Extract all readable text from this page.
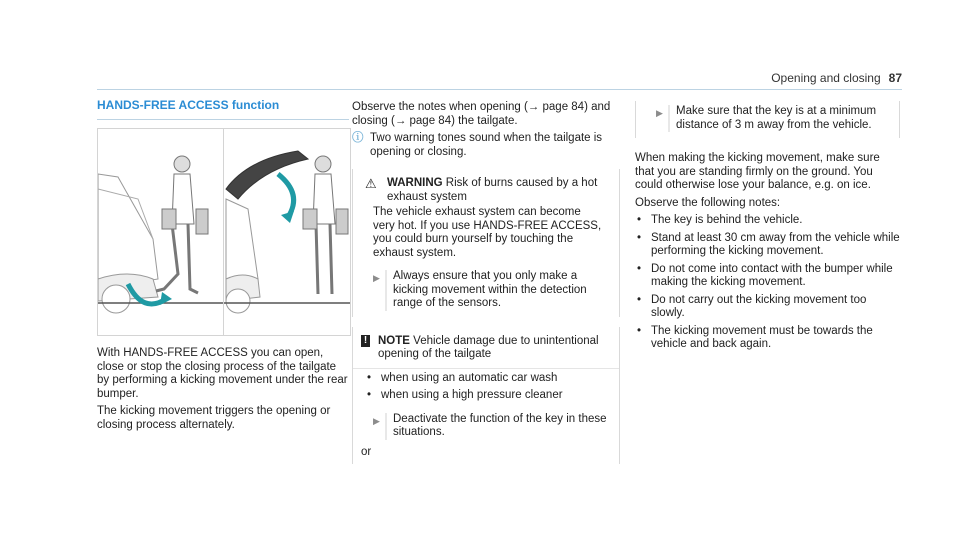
Opening and closing 87
HANDS-FREE ACCESS function

With HANDS-FREE ACCESS you can open, close or stop the closing process of the tailgate by performing a kicking movement under the rear bumper.

The kicking movement triggers the opening or closing process alternately.

Observe the notes when opening (→ page 84) and closing (→ page 84) the tailgate.

ⓘ Two warning tones sound when the tailgate is opening or closing.
⚠ WARNING Risk of burns caused by a hot exhaust system

The vehicle exhaust system can become very hot. If you use HANDS-FREE ACCESS, you could burn yourself by touching the exhaust system.

▶	Always ensure that you only make a kicking movement within the detection range of the sensors.
! NOTE Vehicle damage due to unintentional opening of the tailgate
• when using an automatic car wash
• when using a high pressure cleaner
▶	Deactivate the function of the key in these situations.
or
▶	Make sure that the key is at a minimum distance of 3 m away from the vehicle.

When making the kicking movement, make sure that you are standing firmly on the ground. You could otherwise lose your balance, e.g. on ice.

Observe the following notes:

• The key is behind the vehicle.
• Stand at least 30 cm away from the vehicle while performing the kicking movement.
• Do not come into contact with the bumper while making the kicking movement.
• Do not carry out the kicking movement too slowly.
• The kicking movement must be towards the vehicle and back again.
